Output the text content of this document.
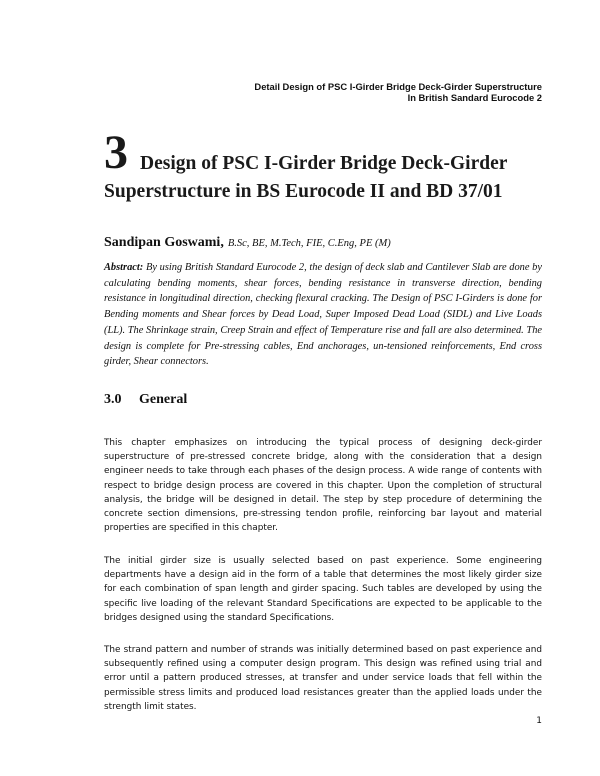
Detail Design of PSC I-Girder Bridge Deck-Girder Superstructure
In British Sandard Eurocode 2
3 Design of PSC I-Girder Bridge Deck-Girder
Superstructure in BS Eurocode II and BD 37/01
Sandipan Goswami, B.Sc, BE, M.Tech, FIE, C.Eng, PE (M)
Abstract: By using British Standard Eurocode 2, the design of deck slab and Cantilever Slab are done by calculating bending moments, shear forces, bending resistance in transverse direction, bending resistance in longitudinal direction, checking flexural cracking. The Design of PSC I-Girders is done for Bending moments and Shear forces by Dead Load, Super Imposed Dead Load (SIDL) and Live Loads (LL). The Shrinkage strain, Creep Strain and effect of Temperature rise and fall are also determined. The design is complete for Pre-stressing cables, End anchorages, un-tensioned reinforcements, End cross girder, Shear connectors.
3.0 General
This chapter emphasizes on introducing the typical process of designing deck-girder superstructure of pre-stressed concrete bridge, along with the consideration that a design engineer needs to take through each phases of the design process. A wide range of contents with respect to bridge design process are covered in this chapter. Upon the completion of structural analysis, the bridge will be designed in detail. The step by step procedure of determining the concrete section dimensions, pre-stressing tendon profile, reinforcing bar layout and material properties are specified in this chapter.
The initial girder size is usually selected based on past experience. Some engineering departments have a design aid in the form of a table that determines the most likely girder size for each combination of span length and girder spacing. Such tables are developed by using the specific live loading of the relevant Standard Specifications are expected to be applicable to the bridges designed using the standard Specifications.
The strand pattern and number of strands was initially determined based on past experience and subsequently refined using a computer design program. This design was refined using trial and error until a pattern produced stresses, at transfer and under service loads that fell within the permissible stress limits and produced load resistances greater than the applied loads under the strength limit states.
1
